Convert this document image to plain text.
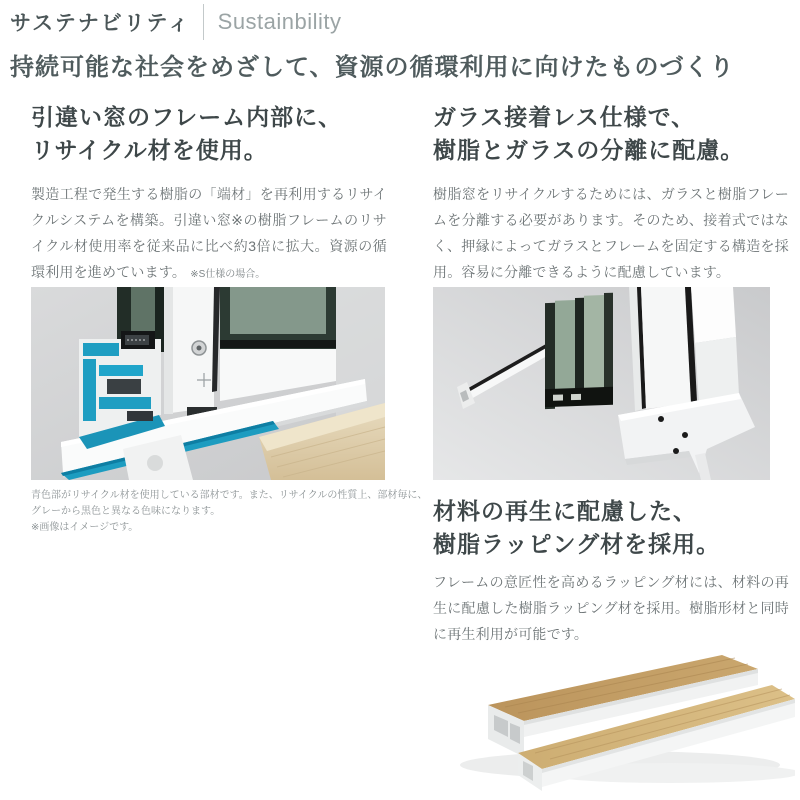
サステナビリティ Sustainbility
持続可能な社会をめざして、資源の循環利用に向けたものづくり
引違い窓のフレーム内部に、
リサイクル材を使用。
製造工程で発生する樹脂の「端材」を再利用するリサイクルシステムを構築。引違い窓※の樹脂フレームのリサイクル材使用率を従来品に比べ約3倍に拡大。資源の循環利用を進めています。 ※S仕様の場合。
青色部がリサイクル材を使用している部材です。また、リサイクルの性質上、部材毎に、
グレーから黒色と異なる色味になります。
※画像はイメージです。
ガラス接着レス仕様で、
樹脂とガラスの分離に配慮。
樹脂窓をリサイクルするためには、ガラスと樹脂フレームを分離する必要があります。そのため、接着式ではなく、押縁によってガラスとフレームを固定する構造を採用。容易に分離できるように配慮しています。
材料の再生に配慮した、
樹脂ラッピング材を採用。
フレームの意匠性を高めるラッピング材には、材料の再生に配慮した樹脂ラッピング材を採用。樹脂形材と同時に再生利用が可能です。
